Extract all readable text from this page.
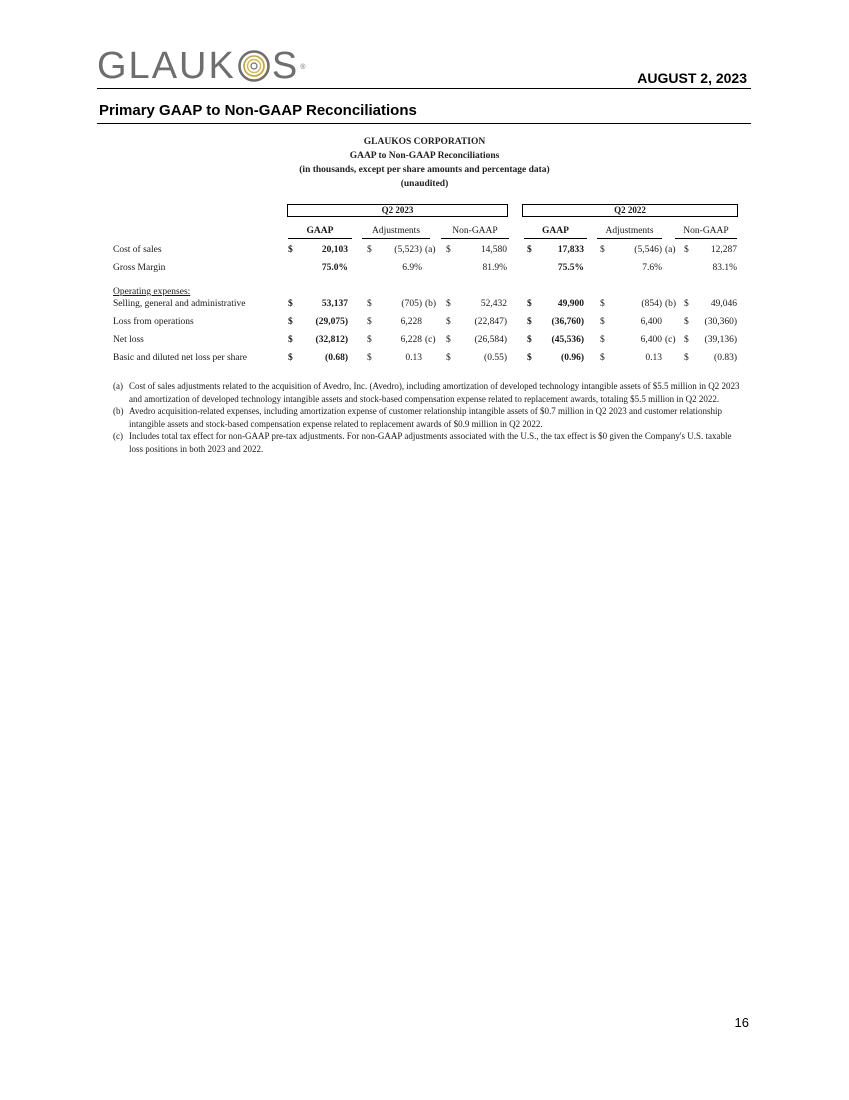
GLAUK S ®
AUGUST 2, 2023
Primary GAAP to Non-GAAP Reconciliations
GLAUKOS CORPORATION
GAAP to Non-GAAP Reconciliations
(in thousands, except per share amounts and percentage data)
(unaudited)
Q2 2023	Q2 2022
GAAP	Adjustments	Non-GAAP	GAAP	Adjustments	Non-GAAP
Cost of sales	$	20,103 $	(5,523) (a)	$	14,580 $	17,833 $	(5,546) (a) $	12,287
Gross Margin	75.0%	6.9%	81.9%	75.5%	7.6%	83.1%
Operating expenses:
Selling, general and administrative	$	53,137 $	(705) (b)	$	52,432 $	49,900 $	(854) (b) $	49,046
Loss from operations	$	(29,075) $	6,228	$	(22,847) $	(36,760) $	6,400 $	(30,360)
Net loss	$	(32,812) $	6,228 (c)	$	(26,584) $	(45,536) $	6,400 (c) $	(39,136)
Basic and diluted net loss per share	$	(0.68) $	0.13	$	(0.55) $	(0.96) $	0.13 $	(0.83)
(a) Cost of sales adjustments related to the acquisition of Avedro, Inc. (Avedro), including amortization of developed technology intangible assets of $5.5 million in Q2 2023 and amortization of developed technology intangible assets and stock-based compensation expense related to replacement awards, totaling $5.5 million in Q2 2022.
(b) Avedro acquisition-related expenses, including amortization expense of customer relationship intangible assets of $0.7 million in Q2 2023 and customer relationship intangible assets and stock-based compensation expense related to replacement awards of $0.9 million in Q2 2022.
(c) Includes total tax effect for non-GAAP pre-tax adjustments. For non-GAAP adjustments associated with the U.S., the tax effect is $0 given the Company's U.S. taxable loss positions in both 2023 and 2022.
16
